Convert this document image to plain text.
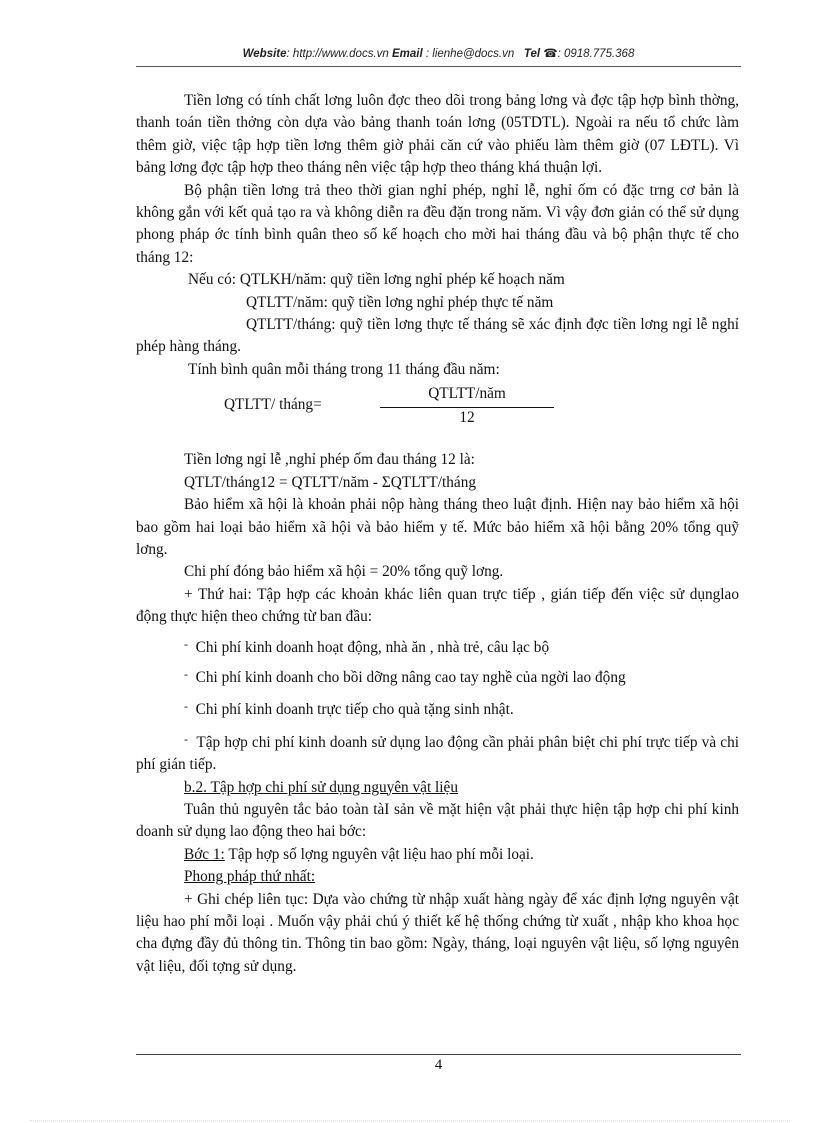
Website: http://www.docs.vn Email : lienhe@docs.vn Tel ☎: 0918.775.368

Tiền lơng có tính chất lơng luôn đợc theo dõi trong bảng lơng và đợc tập hợp bình thờng, thanh toán tiền thởng còn dựa vào bảng thanh toán lơng (05TDTL). Ngoài ra nếu tổ chức làm thêm giờ, việc tập hợp tiền lơng thêm giờ phải căn cứ vào phiếu làm thêm giờ (07 LĐTL). Vì bảng lơng đợc tập hợp theo tháng nên việc tập hợp theo tháng khá thuận lợi.

Bộ phận tiền lơng trả theo thời gian nghỉ phép, nghỉ lễ, nghỉ ốm có đặc trng cơ bản là không gắn với kết quả tạo ra và không diễn ra đều đặn trong năm. Vì vậy đơn giản có thể sử dụng phong pháp ớc tính bình quân theo số kế hoạch cho mời hai tháng đầu và bộ phận thực tế cho tháng 12:

Nếu có: QTLKH/năm: quỹ tiền lơng nghỉ phép kế hoạch năm

QTLTT/năm: quỹ tiền lơng nghỉ phép thực tế năm

QTLTT/tháng: quỹ tiền lơng thực tế tháng sẽ xác định đợc tiền lơng ngỉ lễ nghỉ phép hàng tháng.

Tính bình quân mỗi tháng trong 11 tháng đầu năm:

QTLTT/ tháng=
QTLTT/năm
12

Tiền lơng ngỉ lễ ,nghỉ phép ốm đau tháng 12 là:

QTLT/tháng12 = QTLTT/năm - ΣQTLTT/tháng

Bảo hiểm xã hội là khoản phải nộp hàng tháng theo luật định. Hiện nay bảo hiểm xã hội bao gồm hai loại bảo hiểm xã hội và bảo hiểm y tế. Mức bảo hiểm xã hội bằng 20% tổng quỹ lơng.

Chi phí đóng bảo hiểm xã hội = 20% tổng quỹ lơng.

+ Thứ hai: Tập hợp các khoản khác liên quan trực tiếp , gián tiếp đến việc sử dụnglao động thực hiện theo chứng từ ban đầu:

- Chi phí kinh doanh hoạt động, nhà ăn , nhà trẻ, câu lạc bộ

- Chi phí kinh doanh cho bồi dỡng nâng cao tay nghề của ngời lao động

- Chi phí kinh doanh trực tiếp cho quà tặng sinh nhật.

- Tập hợp chi phí kinh doanh sử dụng lao động cần phải phân biệt chi phí trực tiếp và chi phí gián tiếp.

b.2. Tập hợp chi phí sử dụng nguyên vật liệu

Tuân thủ nguyên tắc bảo toàn tàI sản về mặt hiện vật phải thực hiện tập hợp chi phí kinh doanh sử dụng lao động theo hai bớc:

Bớc 1: Tập hợp số lợng nguyên vật liệu hao phí mỗi loại.

Phong pháp thứ nhất:

+ Ghi chép liên tục: Dựa vào chứng từ nhập xuất hàng ngày để xác định lợng nguyên vật liệu hao phí mỗi loại . Muốn vậy phải chú ý thiết kế hệ thống chứng từ xuất , nhập kho khoa học cha đựng đầy đủ thông tin. Thông tin bao gồm: Ngày, tháng, loại nguyên vật liệu, số lợng nguyên vật liệu, đối tợng sử dụng.

4
